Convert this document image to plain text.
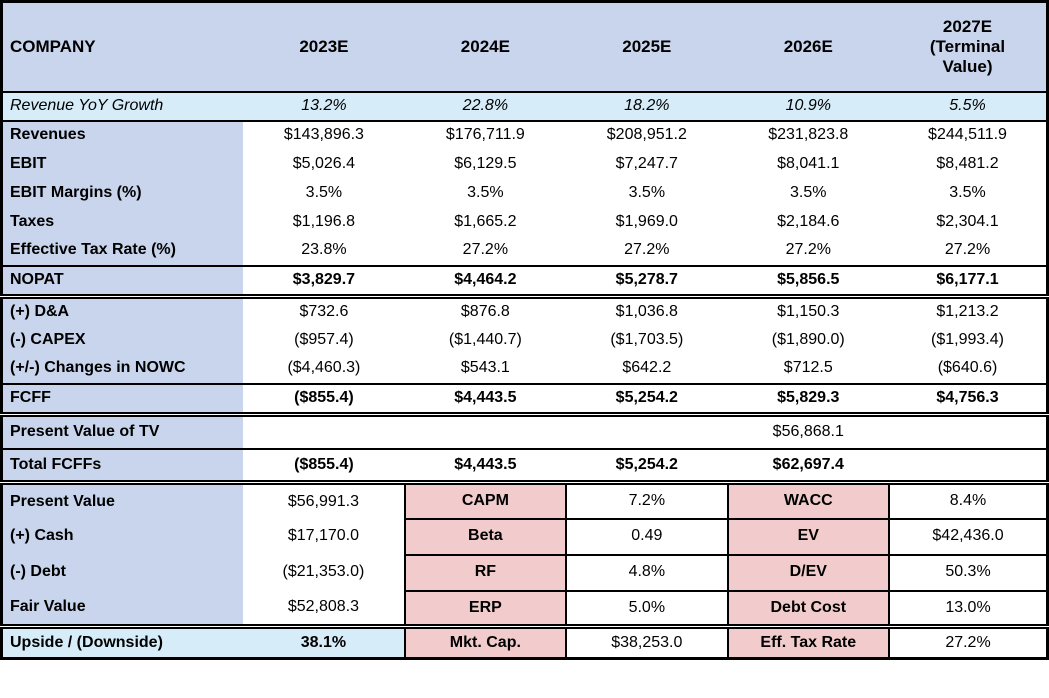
COMPANY	2023E	2024E	2025E	2026E	2027E (Terminal Value)

Revenue YoY Growth	13.2%	22.8%	18.2%	10.9%	5.5%
Revenues	$143,896.3	$176,711.9	$208,951.2	$231,823.8	$244,511.9
EBIT	$5,026.4	$6,129.5	$7,247.7	$8,041.1	$8,481.2
EBIT Margins (%)	3.5%	3.5%	3.5%	3.5%	3.5%
Taxes	$1,196.8	$1,665.2	$1,969.0	$2,184.6	$2,304.1
Effective Tax Rate (%)	23.8%	27.2%	27.2%	27.2%	27.2%
NOPAT	$3,829.7	$4,464.2	$5,278.7	$5,856.5	$6,177.1
(+) D&A	$732.6	$876.8	$1,036.8	$1,150.3	$1,213.2
(-) CAPEX	($957.4)	($1,440.7)	($1,703.5)	($1,890.0)	($1,993.4)
(+/-) Changes in NOWC	($4,460.3)	$543.1	$642.2	$712.5	($640.6)
FCFF	($855.4)	$4,443.5	$5,254.2	$5,829.3	$4,756.3
Present Value of TV				$56,868.1	
Total FCFFs	($855.4)	$4,443.5	$5,254.2	$62,697.4	
Present Value	$56,991.3	CAPM	7.2%	WACC	8.4%
(+) Cash	$17,170.0	Beta	0.49	EV	$42,436.0
(-) Debt	($21,353.0)	RF	4.8%	D/EV	50.3%
Fair Value	$52,808.3	ERP	5.0%	Debt Cost	13.0%
Upside / (Downside)	38.1%	Mkt. Cap.	$38,253.0	Eff. Tax Rate	27.2%
